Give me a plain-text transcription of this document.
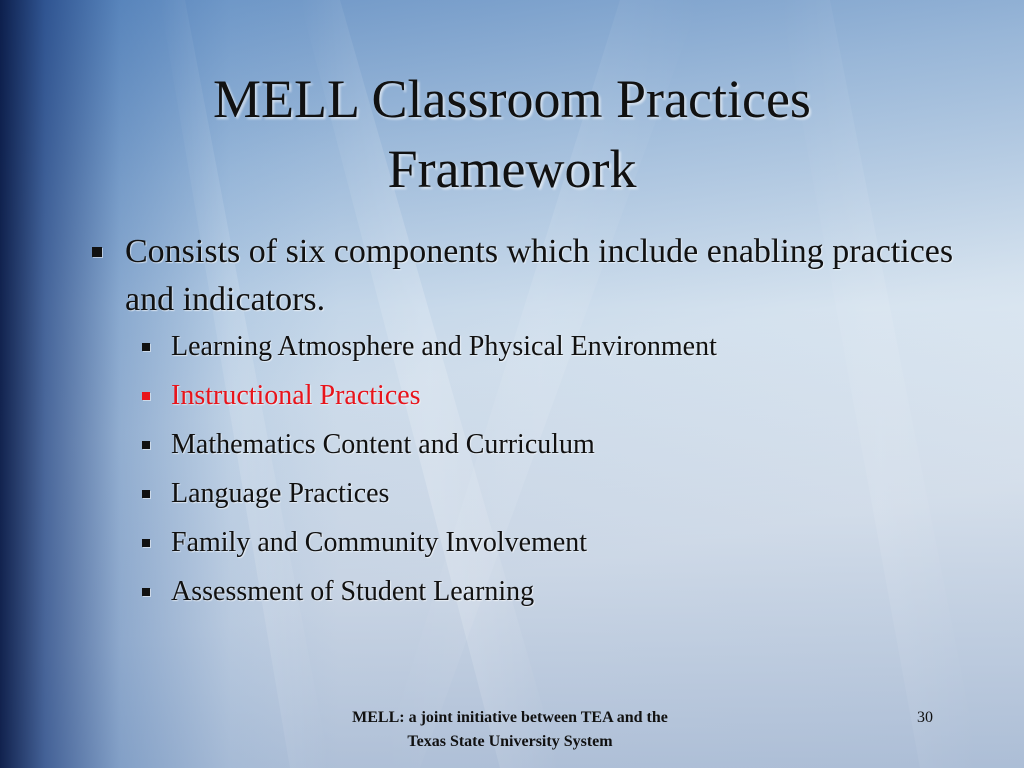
MELL Classroom Practices
Framework
Consists of six components which include enabling practices and indicators.
Learning Atmosphere and Physical Environment
Instructional Practices
Mathematics Content and Curriculum
Language Practices
Family and Community Involvement
Assessment of Student Learning
MELL: a joint initiative between TEA and the
Texas State University System
30
